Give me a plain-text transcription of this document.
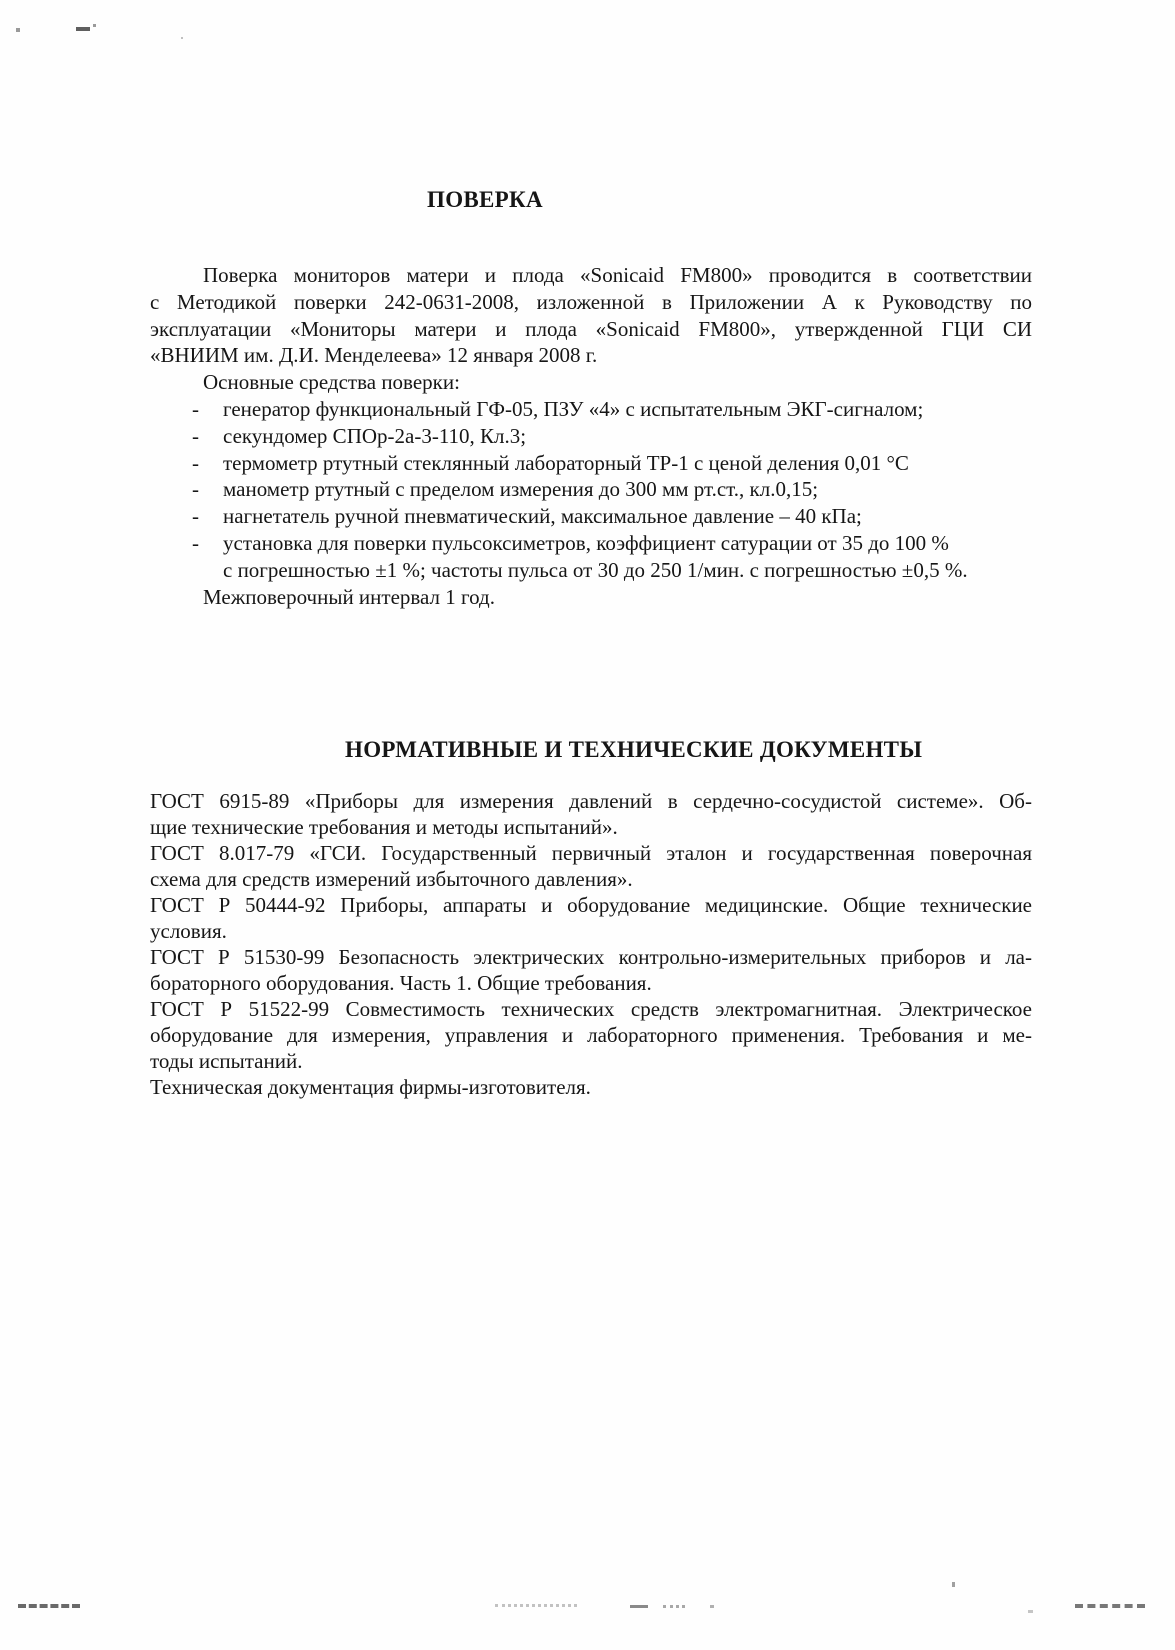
ПОВЕРКА
Поверка мониторов матери и плода «Sonicaid FM800» проводится в соответствии
с Методикой поверки 242-0631-2008, изложенной в Приложении А к Руководству по
эксплуатации «Мониторы матери и плода «Sonicaid FM800», утвержденной ГЦИ СИ
«ВНИИМ им. Д.И. Менделеева» 12 января 2008 г.
Основные средства поверки:
- генератор функциональный ГФ-05, ПЗУ «4» с испытательным ЭКГ-сигналом;
- секундомер СПОр-2а-3-110, Кл.3;
- термометр ртутный стеклянный лабораторный ТР-1 с ценой деления 0,01 °С
- манометр ртутный с пределом измерения до 300 мм рт.ст., кл.0,15;
- нагнетатель ручной пневматический, максимальное давление – 40 кПа;
- установка для поверки пульсоксиметров, коэффициент сатурации от 35 до 100 %
с погрешностью ±1 %; частоты пульса от 30 до 250 1/мин. с погрешностью ±0,5 %.
Межповерочный интервал 1 год.
НОРМАТИВНЫЕ И ТЕХНИЧЕСКИЕ ДОКУМЕНТЫ
ГОСТ 6915-89 «Приборы для измерения давлений в сердечно-сосудистой системе». Об-
щие технические требования и методы испытаний».
ГОСТ 8.017-79 «ГСИ. Государственный первичный эталон и государственная поверочная
схема для средств измерений избыточного давления».
ГОСТ Р 50444-92 Приборы, аппараты и оборудование медицинские. Общие технические
условия.
ГОСТ Р 51530-99 Безопасность электрических контрольно-измерительных приборов и ла-
бораторного оборудования. Часть 1. Общие требования.
ГОСТ Р 51522-99 Совместимость технических средств электромагнитная. Электрическое
оборудование для измерения, управления и лабораторного применения. Требования и ме-
тоды испытаний.
Техническая документация фирмы-изготовителя.
